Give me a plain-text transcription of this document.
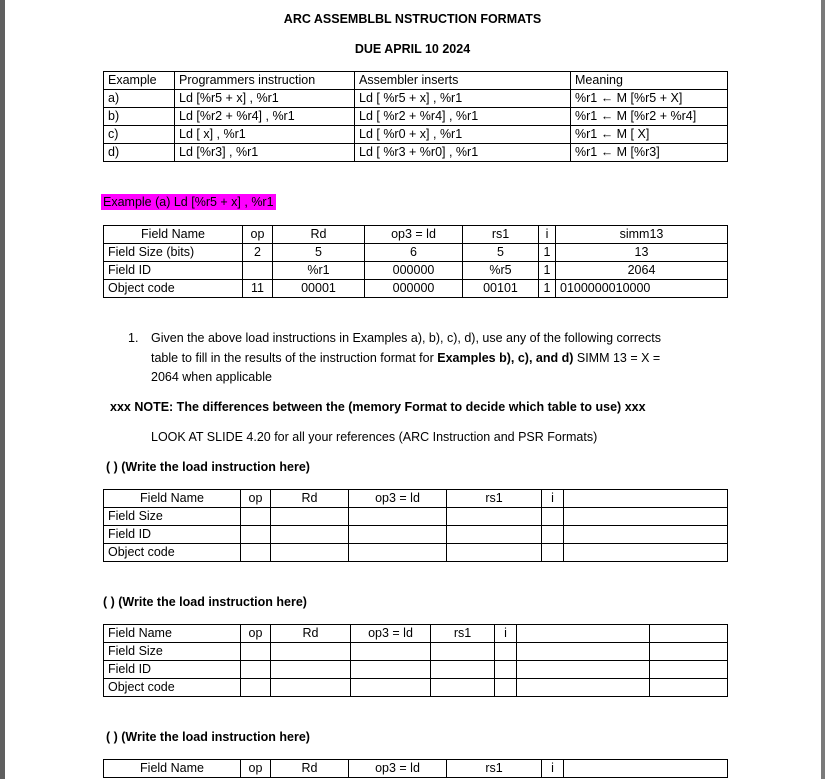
ARC ASSEMBLBL NSTRUCTION FORMATS
DUE APRIL 10 2024
Example	Programmers instruction	Assembler inserts	Meaning
a)	Ld [%r5 + x] , %r1	Ld [ %r5 + x] , %r1	%r1 ← M [%r5 + X]
b)	Ld [%r2 + %r4] , %r1	Ld [ %r2 + %r4] , %r1	%r1 ← M [%r2 + %r4]
c)	Ld [ x] , %r1	Ld [ %r0 + x] , %r1	%r1 ← M [ X]
d)	Ld [%r3] , %r1	Ld [ %r3 + %r0] , %r1	%r1 ← M [%r3]
Example (a) Ld [%r5 + x] , %r1
Field Name	op	Rd	op3 = ld	rs1	i	simm13
Field Size (bits)	2	5	6	5	1	13
Field ID		%r1	000000	%r5	1	2064
Object code	11	00001	000000	00101	1	0100000010000
1. Given the above load instructions in Examples a), b), c), d), use any of the following corrects
table to fill in the results of the instruction format for Examples b), c), and d) SIMM 13 = X =
2064 when applicable
xxx NOTE: The differences between the (memory Format to decide which table to use) xxx
LOOK AT SLIDE 4.20 for all your references (ARC Instruction and PSR Formats)
( ) (Write the load instruction here)
Field Name	op	Rd	op3 = ld	rs1	i	
Field Size						
Field ID						
Object code						
( ) (Write the load instruction here)
Field Name	op	Rd	op3 = ld	rs1	i		
Field Size							
Field ID							
Object code							
( ) (Write the load instruction here)
Field Name	op	Rd	op3 = ld	rs1	i	
